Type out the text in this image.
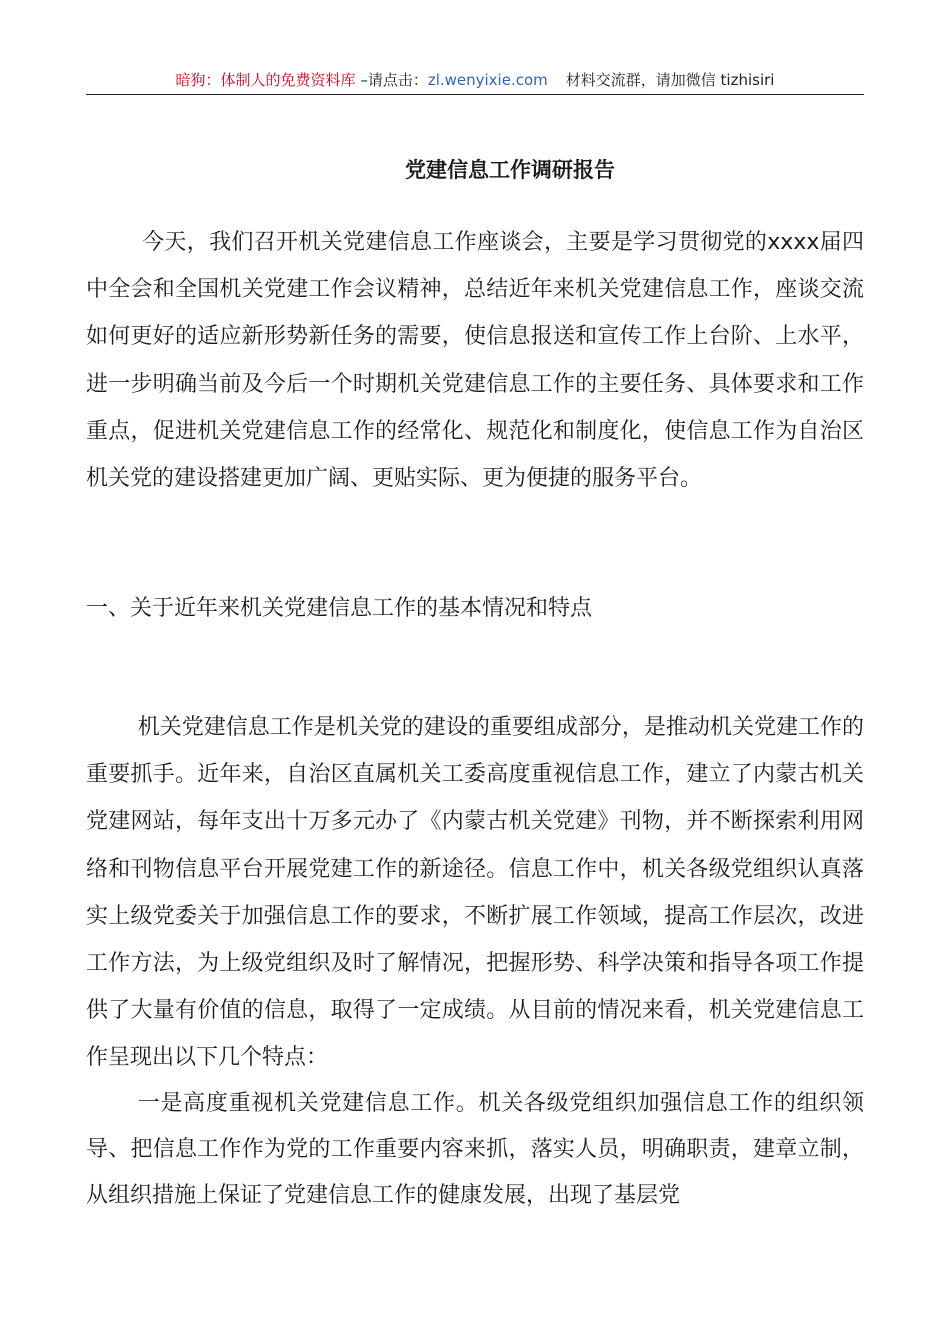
暗狗：体制人的免费资料库 –请点击：zl.wenyixie.com 材料交流群，请加微信 tizhisiri
党建信息工作调研报告

今天，我们召开机关党建信息工作座谈会，主要是学习贯彻党的xxxx届四中全会和全国机关党建工作会议精神，总结近年来机关党建信息工作，座谈交流如何更好的适应新形势新任务的需要，使信息报送和宣传工作上台阶、上水平，进一步明确当前及今后一个时期机关党建信息工作的主要任务、具体要求和工作重点，促进机关党建信息工作的经常化、规范化和制度化，使信息工作为自治区机关党的建设搭建更加广阔、更贴实际、更为便捷的服务平台。

一、关于近年来机关党建信息工作的基本情况和特点

机关党建信息工作是机关党的建设的重要组成部分，是推动机关党建工作的重要抓手。近年来，自治区直属机关工委高度重视信息工作，建立了内蒙古机关党建网站，每年支出十万多元办了《内蒙古机关党建》刊物，并不断探索利用网络和刊物信息平台开展党建工作的新途径。信息工作中，机关各级党组织认真落实上级党委关于加强信息工作的要求，不断扩展工作领域，提高工作层次，改进工作方法，为上级党组织及时了解情况，把握形势、科学决策和指导各项工作提供了大量有价值的信息，取得了一定成绩。从目前的情况来看，机关党建信息工作呈现出以下几个特点：

一是高度重视机关党建信息工作。机关各级党组织加强信息工作的组织领导、把信息工作作为党的工作重要内容来抓，落实人员，明确职责，建章立制，从组织措施上保证了党建信息工作的健康发展，出现了基层党
